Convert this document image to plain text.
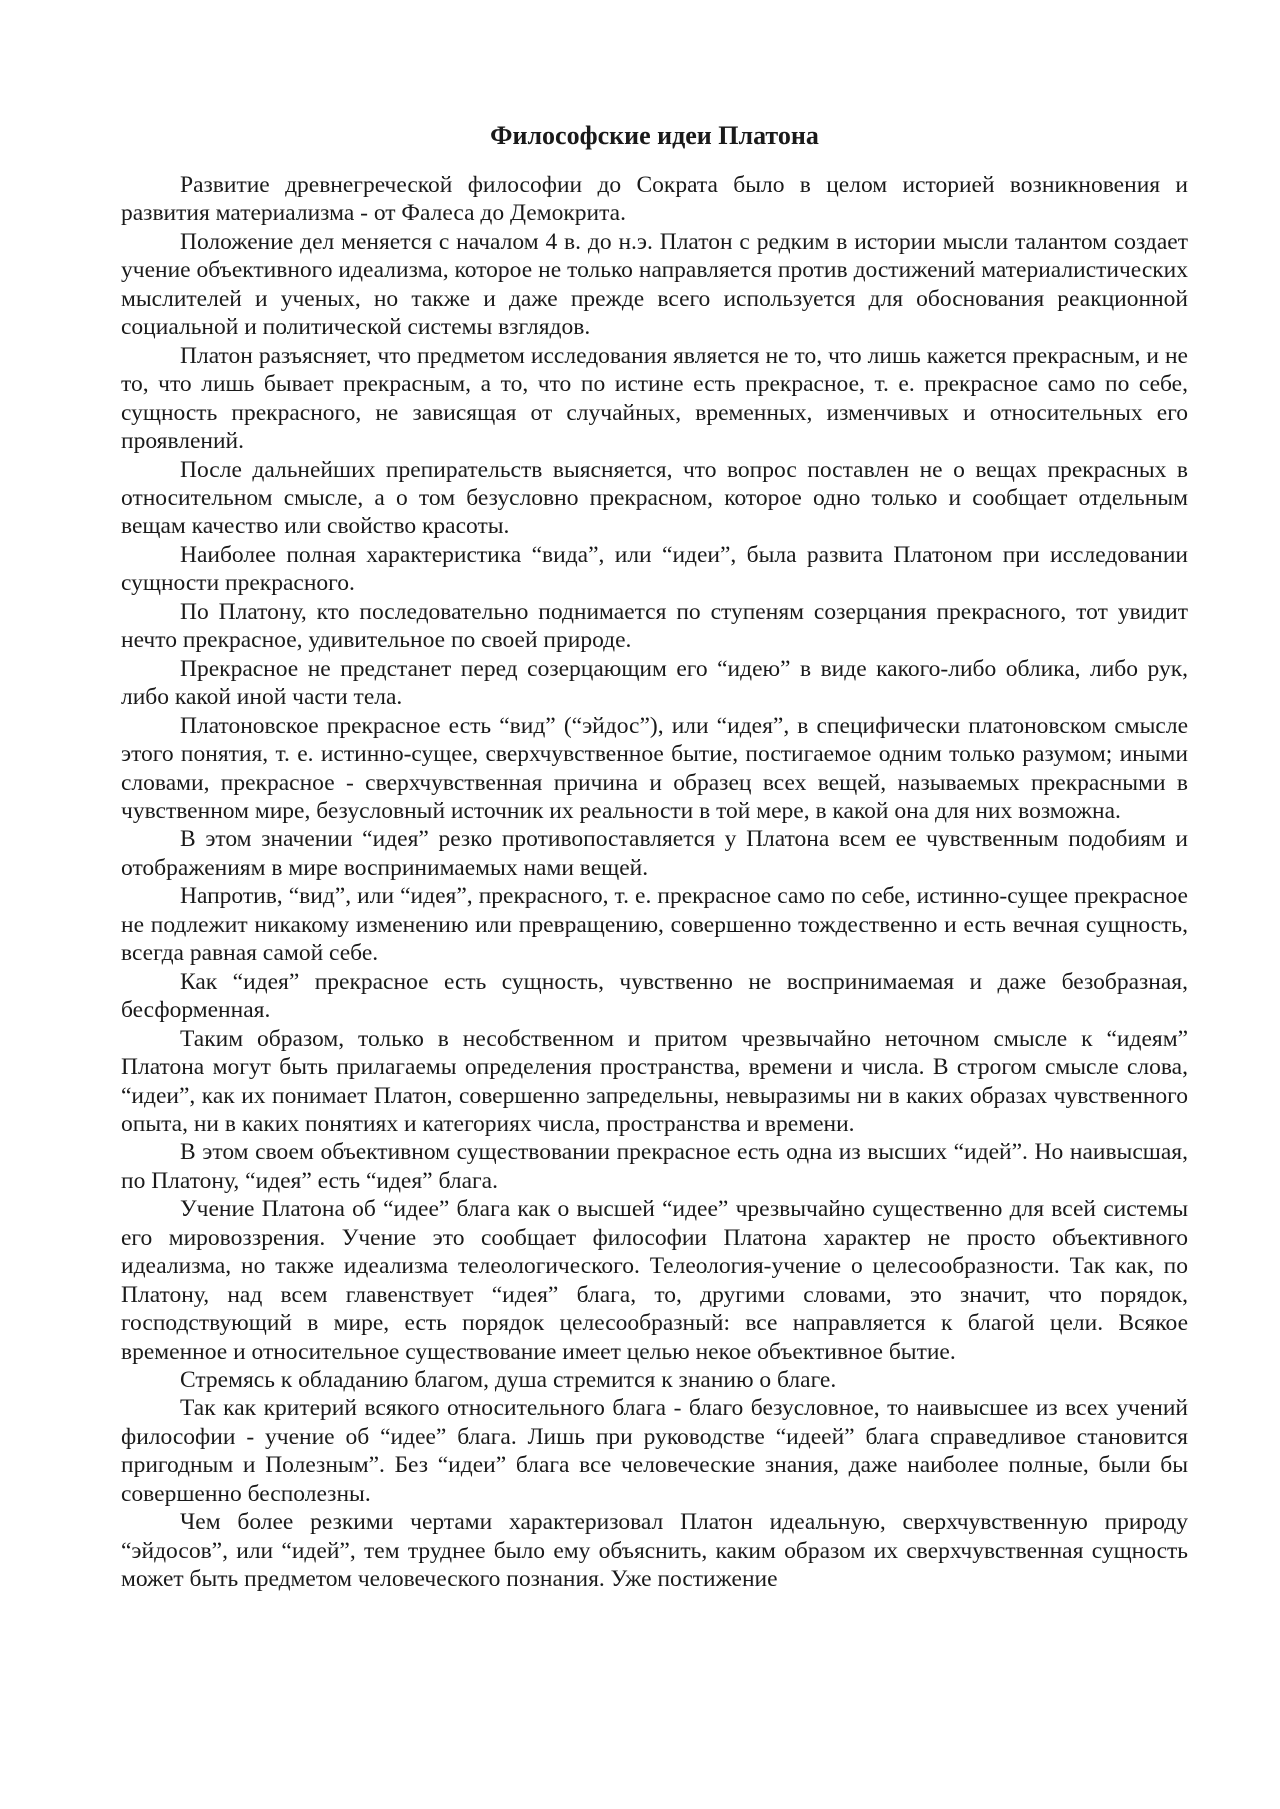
Философские идеи Платона

Развитие древнегреческой философии до Сократа было в целом историей возникновения и развития материализма - от Фалеса до Демокрита.

Положение дел меняется с началом 4 в. до н.э. Платон с редким в истории мысли талантом создает учение объективного идеализма, которое не только направляется против достижений материалистических мыслителей и ученых, но также и даже прежде всего используется для обоснования реакционной социальной и политической системы взглядов.

Платон разъясняет, что предметом исследования является не то, что лишь кажется прекрасным, и не то, что лишь бывает прекрасным, а то, что по истине есть прекрасное, т. е. прекрасное само по себе, сущность прекрасного, не зависящая от случайных, временных, изменчивых и относительных его проявлений.

После дальнейших препирательств выясняется, что вопрос поставлен не о вещах прекрасных в относительном смысле, а о том безусловно прекрасном, которое одно только и сообщает отдельным вещам качество или свойство красоты.

Наиболее полная характеристика “вида”, или “идеи”, была развита Платоном при исследовании сущности прекрасного.

По Платону, кто последовательно поднимается по ступеням созерцания прекрасного, тот увидит нечто прекрасное, удивительное по своей природе.

Прекрасное не предстанет перед созерцающим его “идею” в виде какого-либо облика, либо рук, либо какой иной части тела.

Платоновское прекрасное есть “вид” (“эйдос”), или “идея”, в специфически платоновском смысле этого понятия, т. е. истинно-сущее, сверхчувственное бытие, постигаемое одним только разумом; иными словами, прекрасное - сверхчувственная причина и образец всех вещей, называемых прекрасными в чувственном мире, безусловный источник их реальности в той мере, в какой она для них возможна.

В этом значении “идея” резко противопоставляется у Платона всем ее чувственным подобиям и отображениям в мире воспринимаемых нами вещей.

Напротив, “вид”, или “идея”, прекрасного, т. е. прекрасное само по себе, истинно-сущее прекрасное не подлежит никакому изменению или превращению, совершенно тождественно и есть вечная сущность, всегда равная самой себе.

Как “идея” прекрасное есть сущность, чувственно не воспринимаемая и даже безобразная, бесформенная.

Таким образом, только в несобственном и притом чрезвычайно неточном смысле к “идеям” Платона могут быть прилагаемы определения пространства, времени и числа. В строгом смысле слова, “идеи”, как их понимает Платон, совершенно запредельны, невыразимы ни в каких образах чувственного опыта, ни в каких понятиях и категориях числа, пространства и времени.

В этом своем объективном существовании прекрасное есть одна из высших “идей”. Но наивысшая, по Платону, “идея” есть “идея” блага.

Учение Платона об “идее” блага как о высшей “идее” чрезвычайно существенно для всей системы его мировоззрения. Учение это сообщает философии Платона характер не просто объективного идеализма, но также идеализма телеологического. Телеология-учение о целесообразности. Так как, по Платону, над всем главенствует “идея” блага, то, другими словами, это значит, что порядок, господствующий в мире, есть порядок целесообразный: все направляется к благой цели. Всякое временное и относительное существование имеет целью некое объективное бытие.

Стремясь к обладанию благом, душа стремится к знанию о благе.

Так как критерий всякого относительного блага - благо безусловное, то наивысшее из всех учений философии - учение об “идее” блага. Лишь при руководстве “идеей” блага справедливое становится пригодным и Полезным”. Без “идеи” блага все человеческие знания, даже наиболее полные, были бы совершенно бесполезны.

Чем более резкими чертами характеризовал Платон идеальную, сверхчувственную природу “эйдосов”, или “идей”, тем труднее было ему объяснить, каким образом их сверхчувственная сущность может быть предметом человеческого познания. Уже постижение
